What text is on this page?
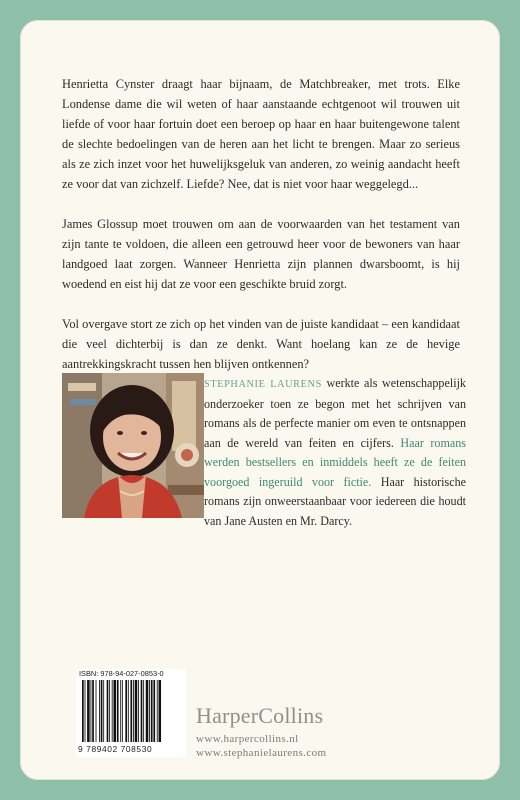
Henrietta Cynster draagt haar bijnaam, de Matchbreaker, met trots. Elke Londense dame die wil weten of haar aanstaande echtgenoot wil trouwen uit liefde of voor haar fortuin doet een beroep op haar en haar buitengewone talent de slechte bedoelingen van de heren aan het licht te brengen. Maar zo serieus als ze zich inzet voor het huwelijksgeluk van anderen, zo weinig aandacht heeft ze voor dat van zichzelf. Liefde? Nee, dat is niet voor haar weggelegd...

James Glossup moet trouwen om aan de voorwaarden van het testament van zijn tante te voldoen, die alleen een getrouwd heer voor de bewoners van haar landgoed laat zorgen. Wanneer Henrietta zijn plannen dwarsboomt, is hij woedend en eist hij dat ze voor een geschikte bruid zorgt.

Vol overgave stort ze zich op het vinden van de juiste kandidaat – een kandidaat die veel dichterbij is dan ze denkt. Want hoelang kan ze de hevige aantrekkingskracht tussen hen blijven ontkennen?

STEPHANIE LAURENS werkte als wetenschappelijk onderzoeker toen ze begon met het schrijven van romans als de perfecte manier om even te ontsnappen aan de wereld van feiten en cijfers. Haar romans werden bestsellers en inmiddels heeft ze de feiten voorgoed ingeruild voor fictie. Haar historische romans zijn onweerstaanbaar voor iedereen die houdt van Jane Austen en Mr. Darcy.
ISBN: 978-94-027-0853-0
9 789402 708530
HarperCollins
www.harpercollins.nl
www.stephanielaurens.com
